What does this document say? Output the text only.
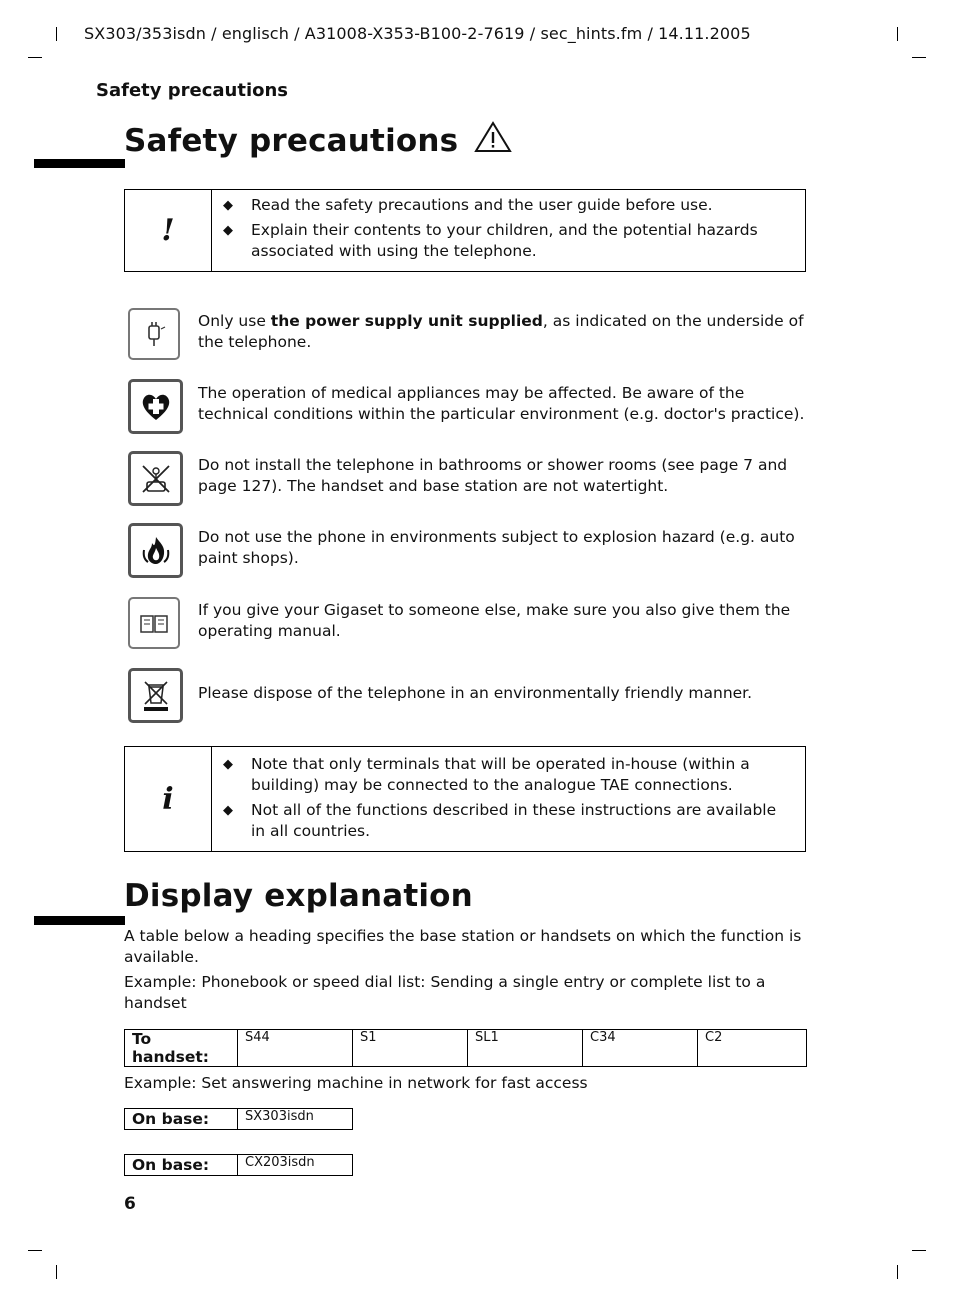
SX303/353isdn / englisch / A31008-X353-B100-2-7619 / sec_hints.fm / 14.11.2005
Safety precautions
Safety precautions
!
◆ Read the safety precautions and the user guide before use.
◆ Explain their contents to your children, and the potential hazards associated with using the telephone.
Only use the power supply unit supplied, as indicated on the underside of the telephone.
The operation of medical appliances may be affected. Be aware of the technical conditions within the particular environment (e.g. doctor's practice).
Do not install the telephone in bathrooms or shower rooms (see page 7 and page 127). The handset and base station are not watertight.
Do not use the phone in environments subject to explosion hazard (e.g. auto paint shops).
If you give your Gigaset to someone else, make sure you also give them the operating manual.
Please dispose of the telephone in an environmentally friendly manner.
i
◆ Note that only terminals that will be operated in-house (within a building) may be connected to the analogue TAE connections.
◆ Not all of the functions described in these instructions are available in all countries.
Display explanation
A table below a heading specifies the base station or handsets on which the function is available.
Example: Phonebook or speed dial list: Sending a single entry or complete list to a handset
To handset:	S44	S1	SL1	C34	C2
Example: Set answering machine in network for fast access
On base:	SX303isdn
On base:	CX203isdn
6
